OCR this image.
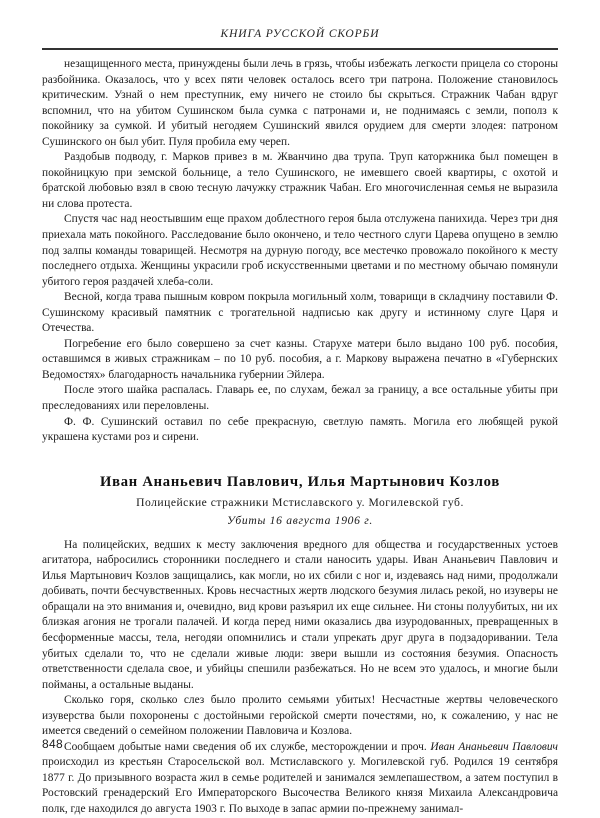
КНИГА РУССКОЙ СКОРБИ

незащищенного места, принуждены были лечь в грязь, чтобы избежать легкости прицела со стороны разбойника. Оказалось, что у всех пяти человек осталось всего три патрона. Положение становилось критическим. Узнай о нем преступник, ему ничего не стоило бы скрыться. Стражник Чабан вдруг вспомнил, что на убитом Сушинском была сумка с патронами и, не поднимаясь с земли, пополз к покойнику за сумкой. И убитый негодяем Сушинский явился орудием для смерти злодея: патроном Сушинского он был убит. Пуля пробила ему череп.

Раздобыв подводу, г. Марков привез в м. Жванчино два трупа. Труп каторжника был помещен в покойницкую при земской больнице, а тело Сушинского, не имевшего своей квартиры, с охотой и братской любовью взял в свою тесную лачужку стражник Чабан. Его многочисленная семья не выразила ни слова протеста.

Спустя час над неостывшим еще прахом доблестного героя была отслужена панихида. Через три дня приехала мать покойного. Расследование было окончено, и тело честного слуги Царева опущено в землю под залпы команды товарищей. Несмотря на дурную погоду, все местечко провожало покойного к месту последнего отдыха. Женщины украсили гроб искусственными цветами и по местному обычаю помянули убитого героя раздачей хлеба-соли.

Весной, когда трава пышным ковром покрыла могильный холм, товарищи в складчину поставили Ф. Сушинскому красивый памятник с трогательной надписью как другу и истинному слуге Царя и Отечества.

Погребение его было совершено за счет казны. Старухе матери было выдано 100 руб. пособия, оставшимся в живых стражникам – по 10 руб. пособия, а г. Маркову выражена печатно в «Губернских Ведомостях» благодарность начальника губернии Эйлера.

После этого шайка распалась. Главарь ее, по слухам, бежал за границу, а все остальные убиты при преследованиях или переловлены.

Ф. Ф. Сушинский оставил по себе прекрасную, светлую память. Могила его любящей рукой украшена кустами роз и сирени.

Иван Ананьевич Павлович, Илья Мартынович Козлов
Полицейские стражники Мстиславского у. Могилевской губ.
Убиты 16 августа 1906 г.

На полицейских, ведших к месту заключения вредного для общества и государственных устоев агитатора, набросились сторонники последнего и стали наносить удары. Иван Ананьевич Павлович и Илья Мартынович Козлов защищались, как могли, но их сбили с ног и, издеваясь над ними, продолжали добивать, почти бесчувственных. Кровь несчастных жертв людского безумия лилась рекой, но изуверы не обращали на это внимания и, очевидно, вид крови разъярил их еще сильнее. Ни стоны полуубитых, ни их близкая агония не трогали палачей. И когда перед ними оказались два изуродованных, превращенных в бесформенные массы, тела, негодяи опомнились и стали упрекать друг друга в подзадоривании. Тела убитых сделали то, что не сделали живые люди: звери вышли из состояния безумия. Опасность ответственности сделала свое, и убийцы спешили разбежаться. Но не всем это удалось, и многие были пойманы, а остальные выданы.

Сколько горя, сколько слез было пролито семьями убитых! Несчастные жертвы человеческого изуверства были похоронены с достойными геройской смерти почестями, но, к сожалению, у нас не имеется сведений о семейном положении Павловича и Козлова.

Сообщаем добытые нами сведения об их службе, месторождении и проч. Иван Ананьевич Павлович происходил из крестьян Старосельской вол. Мстиславского у. Могилевской губ. Родился 19 сентября 1877 г. До призывного возраста жил в семье родителей и занимался землепашеством, а затем поступил в Ростовский гренадерский Его Императорского Высочества Великого князя Михаила Александровича полк, где находился до августа 1903 г. По выходе в запас армии по-прежнему занимал-

848
